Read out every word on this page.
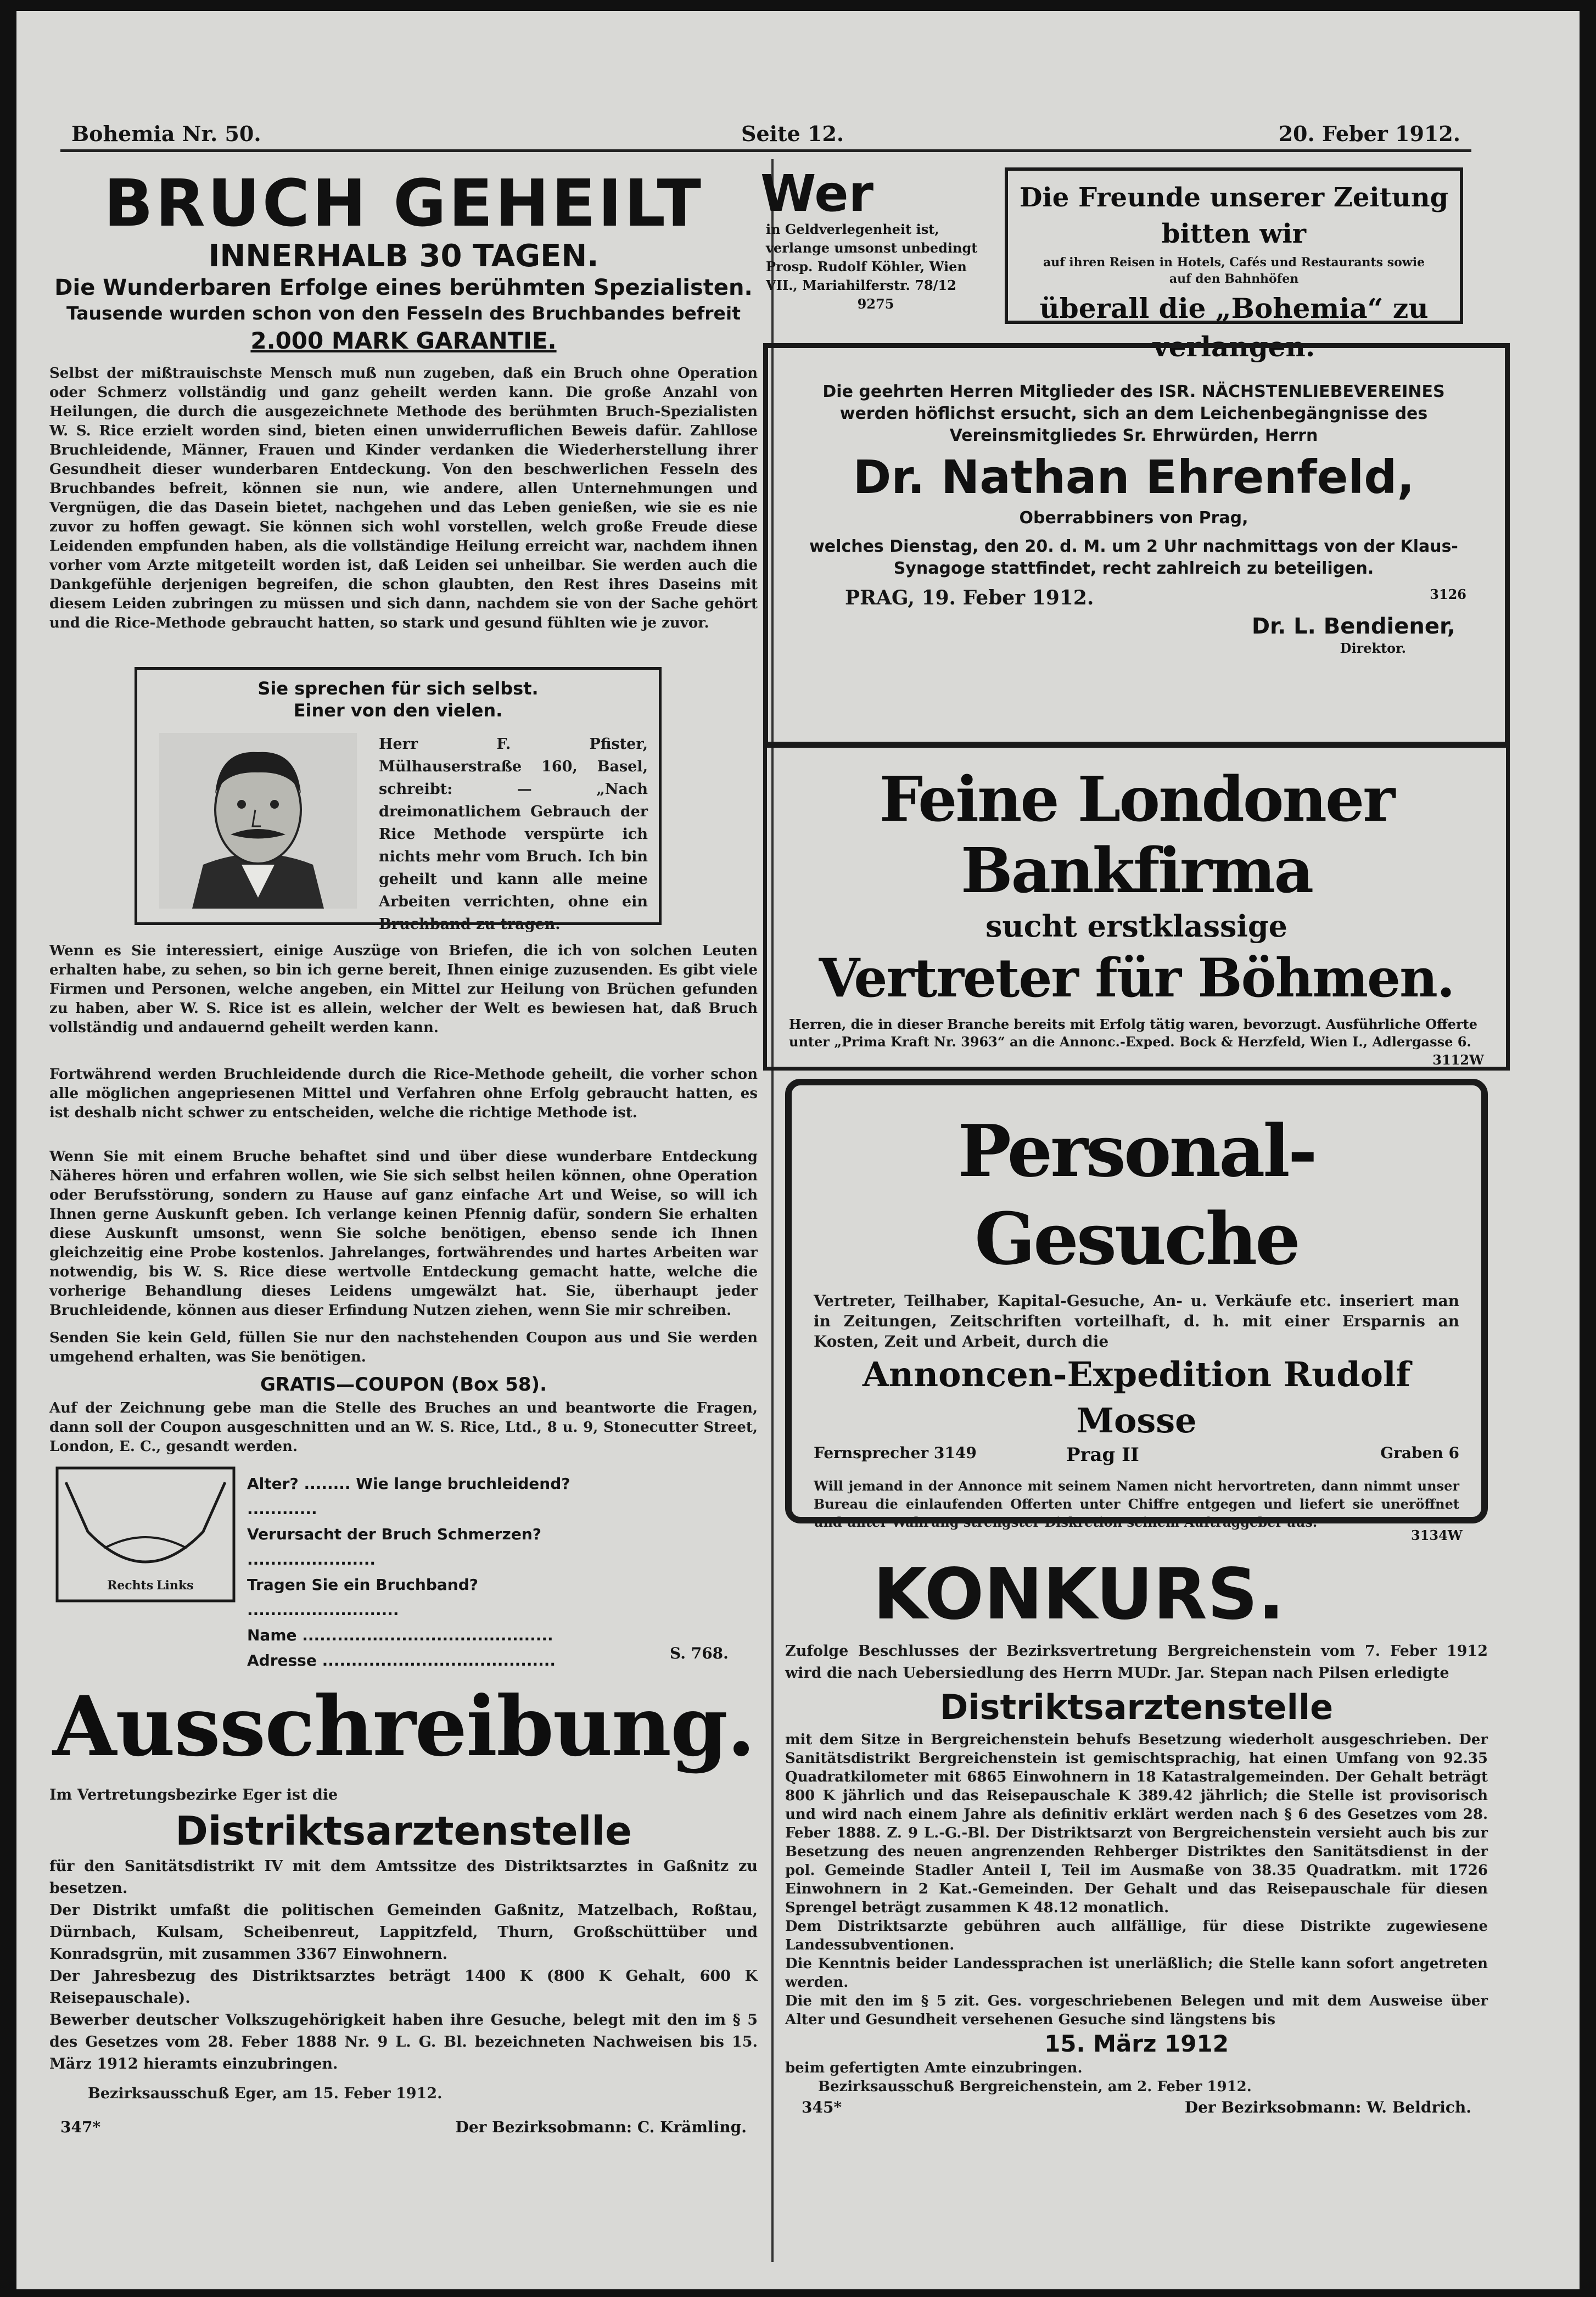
Bohemia Nr. 50.	Seite 12.	20. Feber 1912.
BRUCH GEHEILT
INNERHALB 30 TAGEN.
Die Wunderbaren Erfolge eines berühmten Spezialisten.
Tausende wurden schon von den Fesseln des Bruchbandes befreit
2.000 MARK GARANTIE.
Selbst der mißtrauischste Mensch muß nun zugeben, daß ein Bruch ohne Operation oder Schmerz vollständig und ganz geheilt werden kann. Die große Anzahl von Heilungen, die durch die ausgezeichnete Methode des berühmten Bruch-Spezialisten W. S. Rice erzielt worden sind, bieten einen unwiderruflichen Beweis dafür. Zahllose Bruchleidende, Männer, Frauen und Kinder verdanken die Wiederherstellung ihrer Gesundheit dieser wunderbaren Entdeckung. Von den beschwerlichen Fesseln des Bruchbandes befreit, können sie nun, wie andere, allen Unternehmungen und Vergnügen, die das Dasein bietet, nachgehen und das Leben genießen, wie sie es nie zuvor zu hoffen gewagt. Sie können sich wohl vorstellen, welch große Freude diese Leidenden empfunden haben, als die vollständige Heilung erreicht war, nachdem ihnen vorher vom Arzte mitgeteilt worden ist, daß Leiden sei unheilbar. Sie werden auch die Dankgefühle derjenigen begreifen, die schon glaubten, den Rest ihres Daseins mit diesem Leiden zubringen zu müssen und sich dann, nachdem sie von der Sache gehört und die Rice-Methode gebraucht hatten, so stark und gesund fühlten wie je zuvor.
Sie sprechen für sich selbst.
Einer von den vielen.
Herr F. Pfister, Mülhauserstraße 160, Basel, schreibt: — „Nach dreimonatlichem Gebrauch der Rice Methode verspürte ich nichts mehr vom Bruch. Ich bin geheilt und kann alle meine Arbeiten verrichten, ohne ein Bruchband zu tragen.
Wenn es Sie interessiert, einige Auszüge von Briefen, die ich von solchen Leuten erhalten habe, zu sehen, so bin ich gerne bereit, Ihnen einige zuzusenden. Es gibt viele Firmen und Personen, welche angeben, ein Mittel zur Heilung von Brüchen gefunden zu haben, aber W. S. Rice ist es allein, welcher der Welt es bewiesen hat, daß Bruch vollständig und andauernd geheilt werden kann.
Fortwährend werden Bruchleidende durch die Rice-Methode geheilt, die vorher schon alle möglichen angepriesenen Mittel und Verfahren ohne Erfolg gebraucht hatten, es ist deshalb nicht schwer zu entscheiden, welche die richtige Methode ist.
Wenn Sie mit einem Bruche behaftet sind und über diese wunderbare Entdeckung Näheres hören und erfahren wollen, wie Sie sich selbst heilen können, ohne Operation oder Berufsstörung, sondern zu Hause auf ganz einfache Art und Weise, so will ich Ihnen gerne Auskunft geben. Ich verlange keinen Pfennig dafür, sondern Sie erhalten diese Auskunft umsonst, wenn Sie solche benötigen, ebenso sende ich Ihnen gleichzeitig eine Probe kostenlos. Jahrelanges, fortwährendes und hartes Arbeiten war notwendig, bis W. S. Rice diese wertvolle Entdeckung gemacht hatte, welche die vorherige Behandlung dieses Leidens umgewälzt hat. Sie, überhaupt jeder Bruchleidende, können aus dieser Erfindung Nutzen ziehen, wenn Sie mir schreiben.
Senden Sie kein Geld, füllen Sie nur den nachstehenden Coupon aus und Sie werden umgehend erhalten, was Sie benötigen.
GRATIS—COUPON (Box 58).
Auf der Zeichnung gebe man die Stelle des Bruches an und beantworte die Fragen, dann soll der Coupon ausgeschnitten und an W. S. Rice, Ltd., 8 u. 9, Stonecutter Street, London, E. C., gesandt werden.
Rechts Links
Alter? ........ Wie lange bruchleidend? ............
Verursacht der Bruch Schmerzen? ......................
Tragen Sie ein Bruchband? ..........................
Name ...........................................
Adresse ........................................	S. 768.
Ausschreibung.
Im Vertretungsbezirke Eger ist die
Distriktsarztenstelle
für den Sanitätsdistrikt IV mit dem Amtssitze des Distriktsarztes in Gaßnitz zu besetzen.
Der Distrikt umfaßt die politischen Gemeinden Gaßnitz, Matzelbach, Roßtau, Dürnbach, Kulsam, Scheibenreut, Lappitzfeld, Thurn, Großschüttüber und Konradsgrün, mit zusammen 3367 Einwohnern.
Der Jahresbezug des Distriktsarztes beträgt 1400 K (800 K Gehalt, 600 K Reisepauschale).
Bewerber deutscher Volkszugehörigkeit haben ihre Gesuche, belegt mit den im § 5 des Gesetzes vom 28. Feber 1888 Nr. 9 L. G. Bl. bezeichneten Nachweisen bis 15. März 1912 hieramts einzubringen.
Bezirksausschuß Eger, am 15. Feber 1912.
347*	Der Bezirksobmann: C. Krämling.
Wer
in Geldverlegenheit ist, verlange umsonst unbedingt Prosp. Rudolf Köhler, Wien VII., Mariahilferstr. 78/12
9275
Die Freunde unserer Zeitung bitten wir
auf ihren Reisen in Hotels, Cafés und Restaurants sowie auf den Bahnhöfen
überall die „Bohemia“ zu verlangen.
Die geehrten Herren Mitglieder des ISR. NÄCHSTENLIEBEVEREINES werden höflichst ersucht, sich an dem Leichenbegängnisse des Vereinsmitgliedes Sr. Ehrwürden, Herrn
Dr. Nathan Ehrenfeld,
Oberrabbiners von Prag,
welches Dienstag, den 20. d. M. um 2 Uhr nachmittags von der Klaus-Synagoge stattfindet, recht zahlreich zu beteiligen.
PRAG, 19. Feber 1912.	3126
Dr. L. Bendiener,
Direktor.
Feine Londoner Bankfirma
sucht erstklassige
Vertreter für Böhmen.
Herren, die in dieser Branche bereits mit Erfolg tätig waren, bevorzugt. Ausführliche Offerte unter „Prima Kraft Nr. 3963“ an die Annonc.-Exped. Bock & Herzfeld, Wien I., Adlergasse 6.
3112W
Personal-Gesuche
Vertreter, Teilhaber, Kapital-Gesuche, An- u. Verkäufe etc. inseriert man in Zeitungen, Zeitschriften vorteilhaft, d. h. mit einer Ersparnis an Kosten, Zeit und Arbeit, durch die
Annoncen-Expedition Rudolf Mosse
Fernsprecher 3149	Prag II	Graben 6
Will jemand in der Annonce mit seinem Namen nicht hervortreten, dann nimmt unser Bureau die einlaufenden Offerten unter Chiffre entgegen und liefert sie uneröffnet und unter Wahrung strengster Diskretion seinem Auftraggeber aus.
3134W
KONKURS.
Zufolge Beschlusses der Bezirksvertretung Bergreichenstein vom 7. Feber 1912 wird die nach Uebersiedlung des Herrn MUDr. Jar. Stepan nach Pilsen erledigte
Distriktsarztenstelle
mit dem Sitze in Bergreichenstein behufs Besetzung wiederholt ausgeschrieben. Der Sanitätsdistrikt Bergreichenstein ist gemischtsprachig, hat einen Umfang von 92.35 Quadratkilometer mit 6865 Einwohnern in 18 Katastralgemeinden. Der Gehalt beträgt 800 K jährlich und das Reisepauschale K 389.42 jährlich; die Stelle ist provisorisch und wird nach einem Jahre als definitiv erklärt werden nach § 6 des Gesetzes vom 28. Feber 1888. Z. 9 L.-G.-Bl. Der Distriktsarzt von Bergreichenstein versieht auch bis zur Besetzung des neuen angrenzenden Rehberger Distriktes den Sanitätsdienst in der pol. Gemeinde Stadler Anteil I, Teil im Ausmaße von 38.35 Quadratkm. mit 1726 Einwohnern in 2 Kat.-Gemeinden. Der Gehalt und das Reisepauschale für diesen Sprengel beträgt zusammen K 48.12 monatlich.
Dem Distriktsarzte gebühren auch allfällige, für diese Distrikte zugewiesene Landessubventionen.
Die Kenntnis beider Landessprachen ist unerläßlich; die Stelle kann sofort angetreten werden.
Die mit den im § 5 zit. Ges. vorgeschriebenen Belegen und mit dem Ausweise über Alter und Gesundheit versehenen Gesuche sind längstens bis
15. März 1912
beim gefertigten Amte einzubringen.
Bezirksausschuß Bergreichenstein, am 2. Feber 1912.
345*	Der Bezirksobmann: W. Beldrich.
